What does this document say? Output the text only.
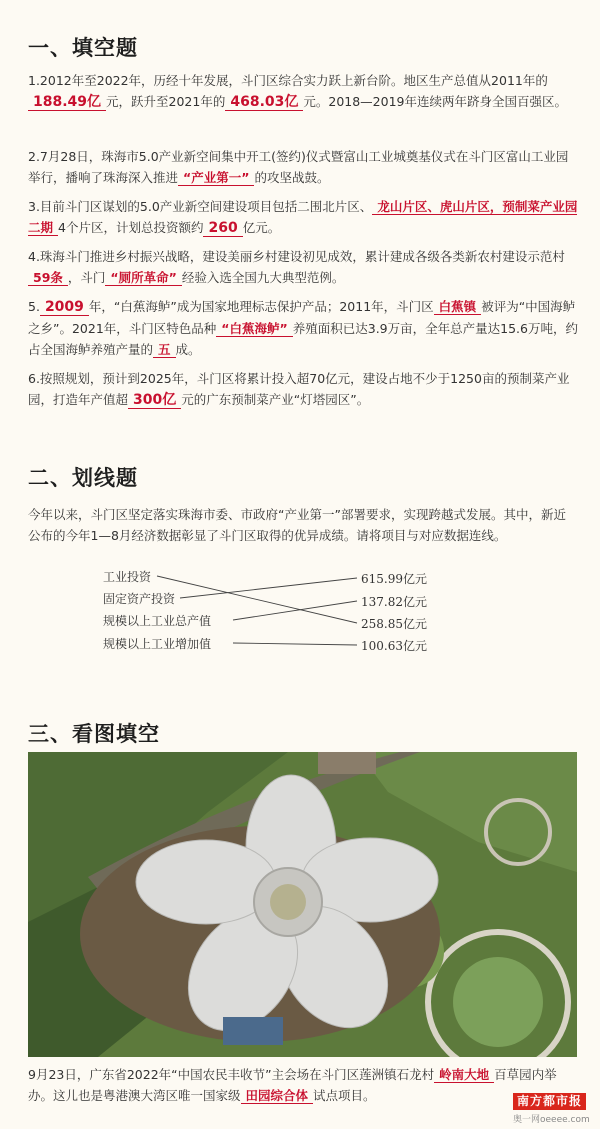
一、填空题

1.2012年至2022年，历经十年发展，斗门区综合实力跃上新台阶。地区生产总值从2011年的188.49亿 元，跃升至2021年的 468.03亿 元。2018—2019年连续两年跻身全国百强区。

2.7月28日，珠海市5.0产业新空间集中开工(签约)仪式暨富山工业城奠基仪式在斗门区富山工业园举行，播响了珠海深入推进 “产业第一” 的攻坚战鼓。

3.目前斗门区谋划的5.0产业新空间建设项目包括二围北片区、 龙山片区、虎山片区，预制菜产业园二期 4个片区，计划总投资额约 260 亿元。

4.珠海斗门推进乡村振兴战略，建设美丽乡村建设初见成效，累计建成各级各类新农村建设示范村59条 ，斗门 “厕所革命” 经验入选全国九大典型范例。

5. 2009 年，“白蕉海鲈”成为国家地理标志保护产品；2011年，斗门区 白蕉镇 被评为“中国海鲈之乡”。2021年，斗门区特色品种 “白蕉海鲈” 养殖面积已达3.9万亩，全年总产量达15.6万吨，约占全国海鲈养殖产量的 五 成。

6.按照规划，预计到2025年，斗门区将累计投入超70亿元，建设占地不少于1250亩的预制菜产业园，打造年产值超 300亿 元的广东预制菜产业“灯塔园区”。

二、划线题

今年以来，斗门区坚定落实珠海市委、市政府“产业第一”部署要求，实现跨越式发展。其中，新近公布的今年1—8月经济数据彰显了斗门区取得的优异成绩。请将项目与对应数据连线。

工业投资
固定资产投资
规模以上工业总产值
规模以上工业增加值
615.99亿元
137.82亿元
258.85亿元
100.63亿元
三、看图填空

9月23日，广东省2022年“中国农民丰收节”主会场在斗门区莲洲镇石龙村 岭南大地 百草园内举办。这儿也是粤港澳大湾区唯一国家级 田园综合体 试点项目。	南方都市报
奥一网oeeee.com
